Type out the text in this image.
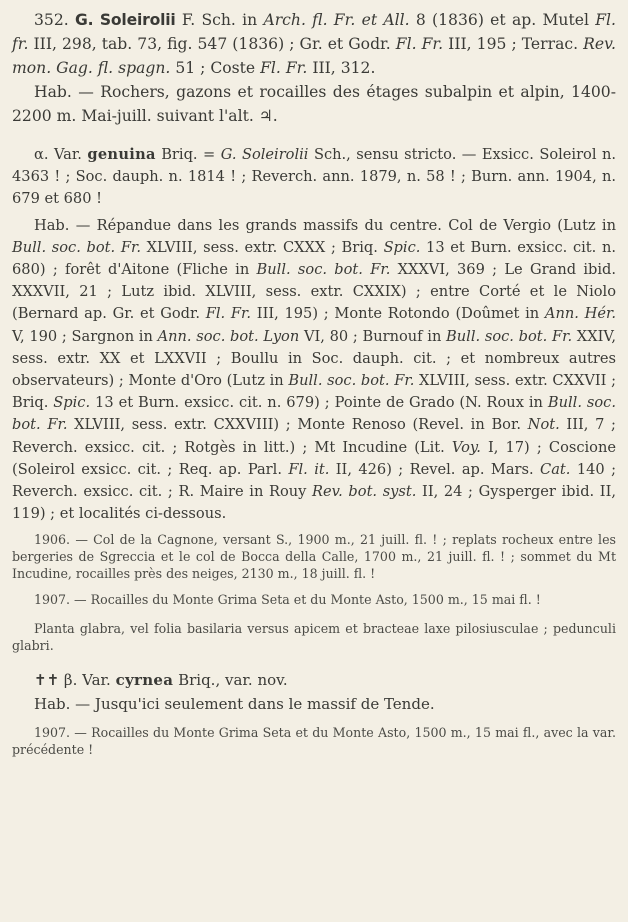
352. G. Soleirolii F. Sch. in Arch. fl. Fr. et All. 8 (1836) et ap. Mutel Fl. fr. III, 298, tab. 73, fig. 547 (1836) ; Gr. et Godr. Fl. Fr. III, 195 ; Terrac. Rev. mon. Gag. fl. spagn. 51 ; Coste Fl. Fr. III, 312.
Hab. — Rochers, gazons et rocailles des étages subalpin et alpin, 1400-2200 m. Mai-juill. suivant l'alt. ♃.
α. Var. genuina Briq. = G. Soleirolii Sch., sensu stricto. — Exsicc. Soleirol n. 4363 ! ; Soc. dauph. n. 1814 ! ; Reverch. ann. 1879, n. 58 ! ; Burn. ann. 1904, n. 679 et 680 !
Hab. — Répandue dans les grands massifs du centre. Col de Vergio (Lutz in Bull. soc. bot. Fr. XLVIII, sess. extr. CXXX ; Briq. Spic. 13 et Burn. exsicc. cit. n. 680) ; forêt d'Aitone (Fliche in Bull. soc. bot. Fr. XXXVI, 369 ; Le Grand ibid. XXXVII, 21 ; Lutz ibid. XLVIII, sess. extr. CXXIX) ; entre Corté et le Niolo (Bernard ap. Gr. et Godr. Fl. Fr. III, 195) ; Monte Rotondo (Doûmet in Ann. Hér. V, 190 ; Sargnon in Ann. soc. bot. Lyon VI, 80 ; Burnouf in Bull. soc. bot. Fr. XXIV, sess. extr. XX et LXXVII ; Boullu in Soc. dauph. cit. ; et nombreux autres observateurs) ; Monte d'Oro (Lutz in Bull. soc. bot. Fr. XLVIII, sess. extr. CXXVII ; Briq. Spic. 13 et Burn. exsicc. cit. n. 679) ; Pointe de Grado (N. Roux in Bull. soc. bot. Fr. XLVIII, sess. extr. CXXVIII) ; Monte Renoso (Revel. in Bor. Not. III, 7 ; Reverch. exsicc. cit. ; Rotgès in litt.) ; Mt Incudine (Lit. Voy. I, 17) ; Coscione (Soleirol exsicc. cit. ; Req. ap. Parl. Fl. it. II, 426) ; Revel. ap. Mars. Cat. 140 ; Reverch. exsicc. cit. ; R. Maire in Rouy Rev. bot. syst. II, 24 ; Gysperger ibid. II, 119) ; et localités ci-dessous.
1906. — Col de la Cagnone, versant S., 1900 m., 21 juill. fl. ! ; replats rocheux entre les bergeries de Sgreccia et le col de Bocca della Calle, 1700 m., 21 juill. fl. ! ; sommet du Mt Incudine, rocailles près des neiges, 2130 m., 18 juill. fl. !
1907. — Rocailles du Monte Grima Seta et du Monte Asto, 1500 m., 15 mai fl. !
Planta glabra, vel folia basilaria versus apicem et bracteae laxe pilosiusculae ; pedunculi glabri.
✝✝ β. Var. cyrnea Briq., var. nov.
Hab. — Jusqu'ici seulement dans le massif de Tende.
1907. — Rocailles du Monte Grima Seta et du Monte Asto, 1500 m., 15 mai fl., avec la var. précédente !
